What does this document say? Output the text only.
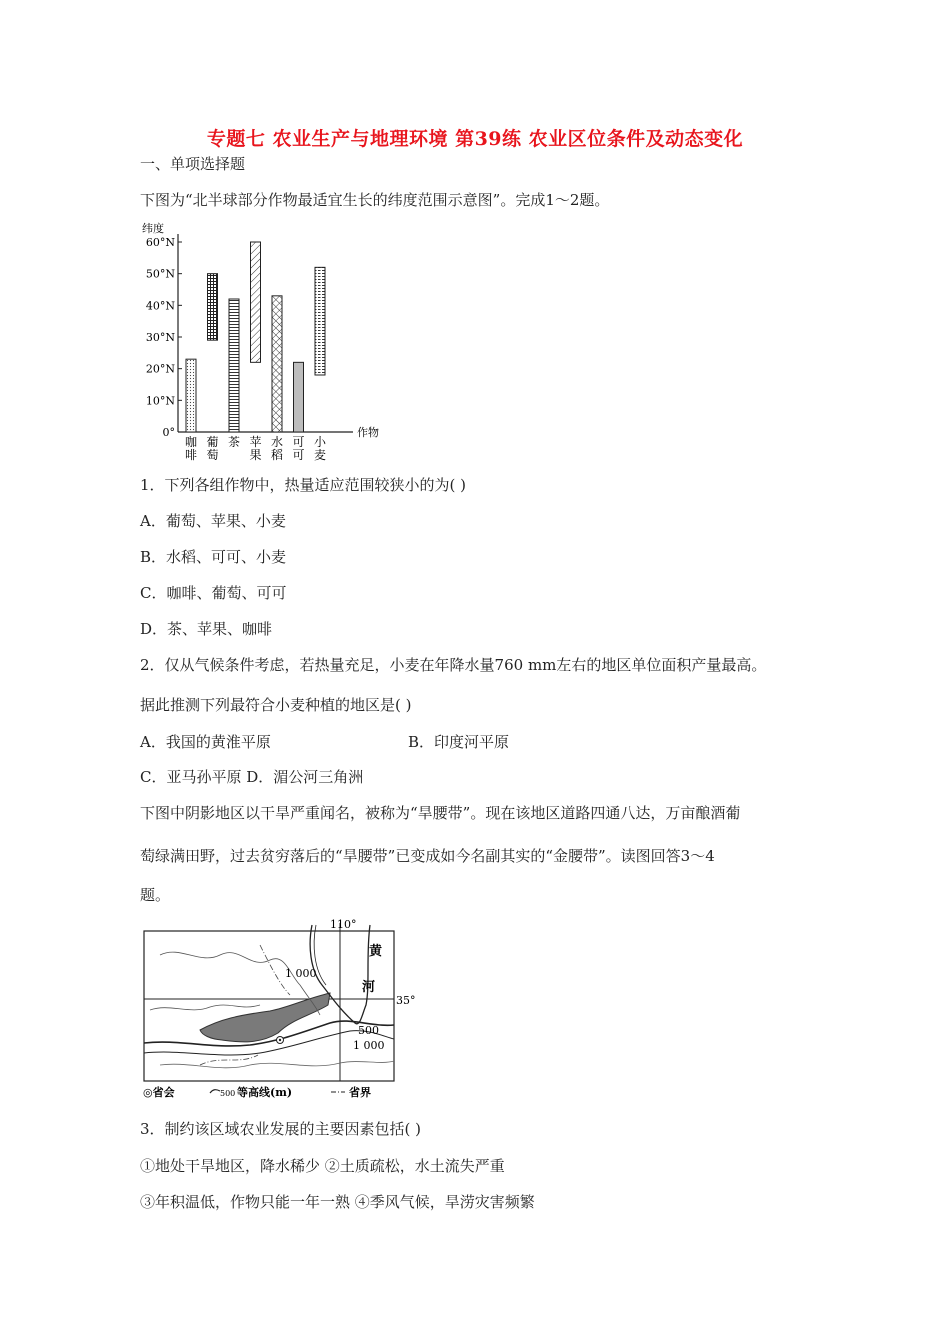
专题七 农业生产与地理环境 第39练 农业区位条件及动态变化
一、单项选择题
下图为“北半球部分作物最适宜生长的纬度范围示意图”。完成1～2题。
纬度
作物
0°
10°N
20°N
30°N
40°N
50°N
60°N
咖
啡
葡
萄
茶 苹
果
水
稻
可
可
小
麦
1．下列各组作物中，热量适应范围较狭小的为( )
A．葡萄、苹果、小麦
B．水稻、可可、小麦
C．咖啡、葡萄、可可
D．茶、苹果、咖啡
2．仅从气候条件考虑，若热量充足，小麦在年降水量760 mm左右的地区单位面积产量最高。
据此推测下列最符合小麦种植的地区是( )
A．我国的黄淮平原	B．印度河平原
C．亚马孙平原 D．湄公河三角洲
下图中阴影地区以干旱严重闻名，被称为“旱腰带”。现在该地区道路四通八达，万亩酿酒葡
萄绿满田野，过去贫穷落后的“旱腰带”已变成如今名副其实的“金腰带”。读图回答3～4
题。
110°
35°
黄
河
1 000
500
1 000
◎省会	500 等高线(m)	省界
3．制约该区域农业发展的主要因素包括( )
①地处干旱地区，降水稀少 ②土质疏松，水土流失严重
③年积温低，作物只能一年一熟 ④季风气候，旱涝灾害频繁
